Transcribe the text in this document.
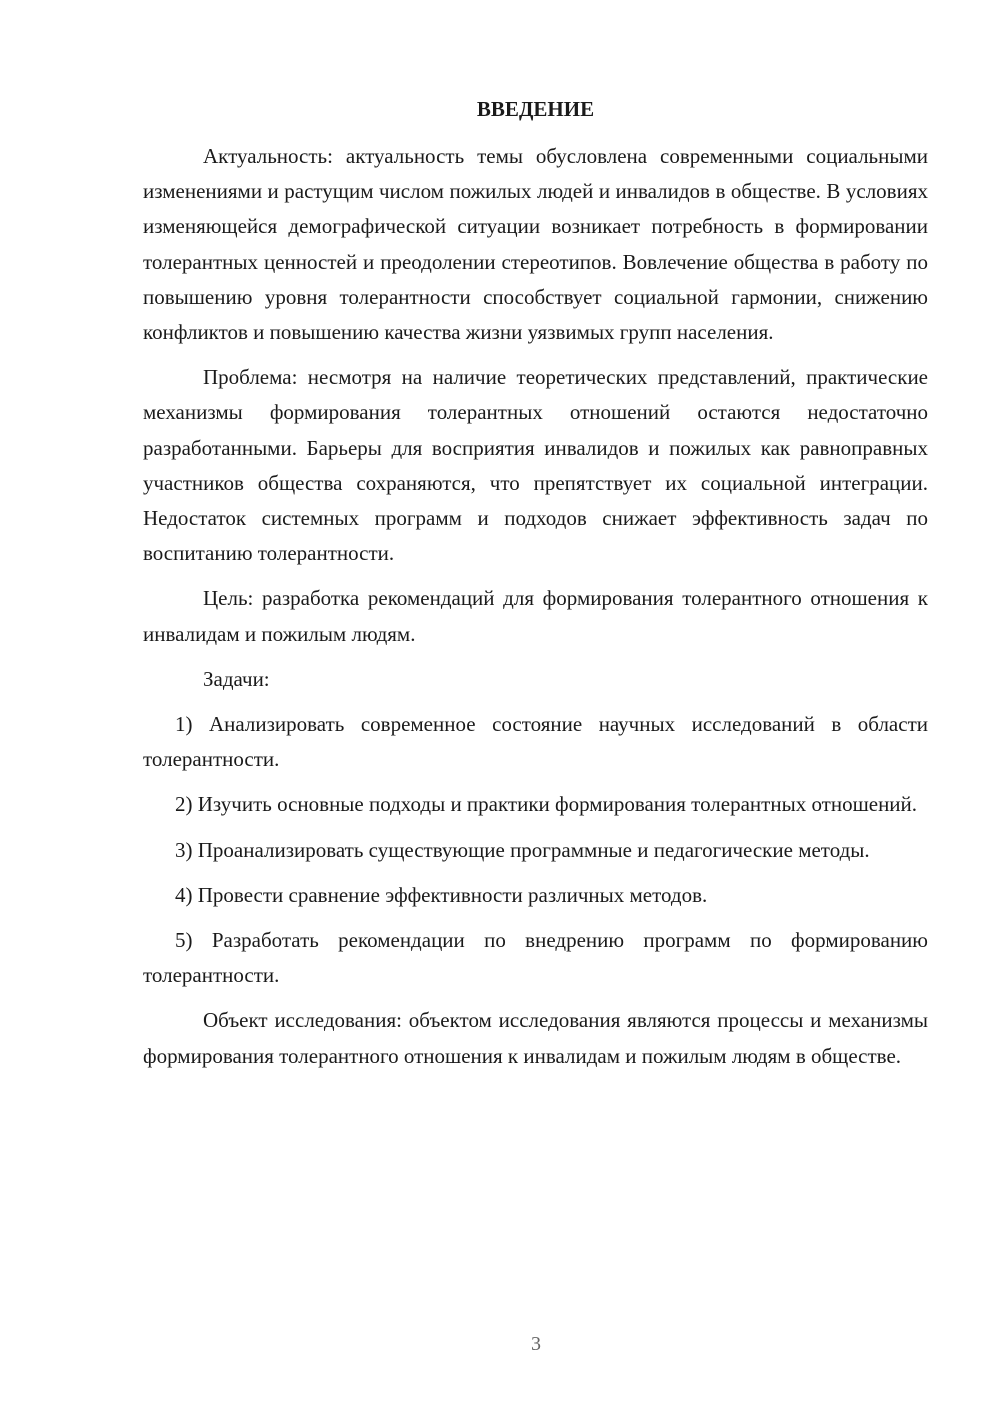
ВВЕДЕНИЕ

Актуальность: актуальность темы обусловлена современными социальными изменениями и растущим числом пожилых людей и инвалидов в обществе. В условиях изменяющейся демографической ситуации возникает потребность в формировании толерантных ценностей и преодолении стереотипов. Вовлечение общества в работу по повышению уровня толерантности способствует социальной гармонии, снижению конфликтов и повышению качества жизни уязвимых групп населения.

Проблема: несмотря на наличие теоретических представлений, практические механизмы формирования толерантных отношений остаются недостаточно разработанными. Барьеры для восприятия инвалидов и пожилых как равноправных участников общества сохраняются, что препятствует их социальной интеграции. Недостаток системных программ и подходов снижает эффективность задач по воспитанию толерантности.

Цель: разработка рекомендаций для формирования толерантного отношения к инвалидам и пожилым людям.

Задачи:

1) Анализировать современное состояние научных исследований в области толерантности.

2) Изучить основные подходы и практики формирования толерантных отношений.

3) Проанализировать существующие программные и педагогические методы.

4) Провести сравнение эффективности различных методов.

5) Разработать рекомендации по внедрению программ по формированию толерантности.

Объект исследования: объектом исследования являются процессы и механизмы формирования толерантного отношения к инвалидам и пожилым людям в обществе.

3
